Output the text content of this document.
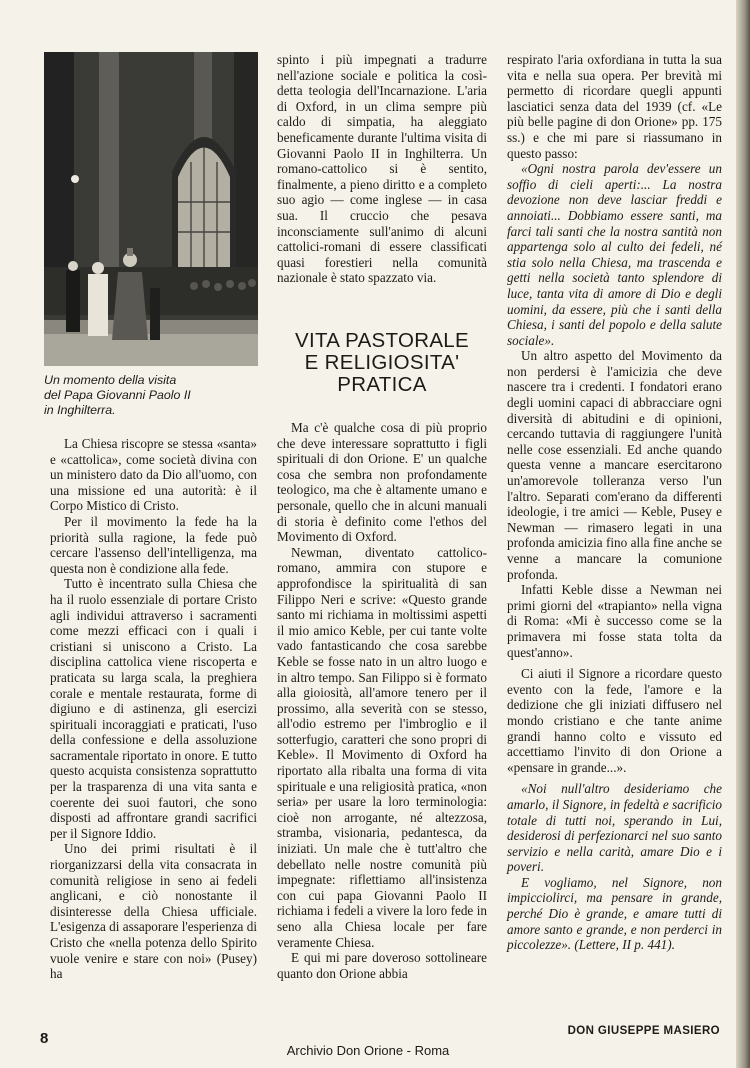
Un momento della visita
del Papa Giovanni Paolo II
in Inghilterra.

La Chiesa riscopre se stessa «santa» e «cattolica», come società divina con un ministero dato da Dio all'uomo, con una missione ed una autorità: è il Corpo Mistico di Cristo.

Per il movimento la fede ha la priorità sulla ragione, la fede può cercare l'assenso dell'intelligenza, ma questa non è condizione alla fede.

Tutto è incentrato sulla Chiesa che ha il ruolo essenziale di portare Cristo agli individui attraverso i sacramenti come mezzi efficaci con i quali i cristiani si uniscono a Cristo. La disciplina cattolica viene riscoperta e praticata su larga scala, la preghiera corale e mentale restaurata, forme di digiuno e di astinenza, gli esercizi spirituali incoraggiati e praticati, l'uso della confessione e della assoluzione sacramentale riportato in onore. E tutto questo acquista consistenza soprattutto per la trasparenza di una vita santa e coerente dei suoi fautori, che sono disposti ad affrontare grandi sacrifici per il Signore Iddio.

Uno dei primi risultati è il riorganizzarsi della vita consacrata in comunità religiose in seno ai fedeli anglicani, e ciò nonostante il disinteresse della Chiesa ufficiale. L'esigenza di assaporare l'esperienza di Cristo che «nella potenza dello Spirito vuole venire e stare con noi» (Pusey) ha

spinto i più impegnati a tradurre nell'azione sociale e politica la così-detta teologia dell'Incarnazione. L'aria di Oxford, in un clima sempre più caldo di simpatia, ha aleggiato beneficamente durante l'ultima visita di Giovanni Paolo II in Inghilterra. Un romano-cattolico si è sentito, finalmente, a pieno diritto e a completo suo agio — come inglese — in casa sua. Il cruccio che pesava inconsciamente sull'animo di alcuni cattolici-romani di essere classificati quasi forestieri nella comunità nazionale è stato spazzato via.

VITA PASTORALE
E RELIGIOSITA'
PRATICA

Ma c'è qualche cosa di più proprio che deve interessare soprattutto i figli spirituali di don Orione. E' un qualche cosa che sembra non profondamente teologico, ma che è altamente umano e personale, quello che in alcuni manuali di storia è definito come l'ethos del Movimento di Oxford.

Newman, diventato cattolico-romano, ammira con stupore e approfondisce la spiritualità di san Filippo Neri e scrive: «Questo grande santo mi richiama in moltissimi aspetti il mio amico Keble, per cui tante volte vado fantasticando che cosa sarebbe Keble se fosse nato in un altro luogo e in altro tempo. San Filippo si è formato alla gioiosità, all'amore tenero per il prossimo, alla severità con se stesso, all'odio estremo per l'imbroglio e il sotterfugio, caratteri che sono propri di Keble». Il Movimento di Oxford ha riportato alla ribalta una forma di vita spirituale e una religiosità pratica, «non seria» per usare la loro terminologia: cioè non arrogante, né altezzosa, stramba, visionaria, pedantesca, da iniziati. Un male che è tutt'altro che debellato nelle nostre comunità più impegnate: riflettiamo all'insistenza con cui papa Giovanni Paolo II richiama i fedeli a vivere la loro fede in seno alla Chiesa locale per fare veramente Chiesa.

E qui mi pare doveroso sottolineare quanto don Orione abbia

respirato l'aria oxfordiana in tutta la sua vita e nella sua opera. Per brevità mi permetto di ricordare quegli appunti lasciatici senza data del 1939 (cf. «Le più belle pagine di don Orione» pp. 175 ss.) e che mi pare si riassumano in questo passo:

«Ogni nostra parola dev'essere un soffio di cieli aperti:... La nostra devozione non deve lasciar freddi e annoiati... Dobbiamo essere santi, ma farci tali santi che la nostra santità non appartenga solo al culto dei fedeli, né stia solo nella Chiesa, ma trascenda e getti nella società tanto splendore di luce, tanta vita di amore di Dio e degli uomini, da essere, più che i santi della Chiesa, i santi del popolo e della salute sociale».

Un altro aspetto del Movimento da non perdersi è l'amicizia che deve nascere tra i credenti. I fondatori erano degli uomini capaci di abbracciare ogni diversità di abitudini e di opinioni, cercando tuttavia di raggiungere l'unità nelle cose essenziali. Ed anche quando questa venne a mancare esercitarono un'amorevole tolleranza verso l'un l'altro. Separati com'erano da differenti ideologie, i tre amici — Keble, Pusey e Newman — rimasero legati in una profonda amicizia fino alla fine anche se venne a mancare la comunione profonda.

Infatti Keble disse a Newman nei primi giorni del «trapianto» nella vigna di Roma: «Mi è successo come se la primavera mi fosse stata tolta da quest'anno».

Ci aiuti il Signore a ricordare questo evento con la fede, l'amore e la dedizione che gli iniziati diffusero nel mondo cristiano e che tante anime grandi hanno colto e vissuto ed accettiamo l'invito di don Orione a «pensare in grande...».

«Noi null'altro desideriamo che amarlo, il Signore, in fedeltà e sacrificio totale di tutti noi, sperando in Lui, desiderosi di perfezionarci nel suo santo servizio e nella carità, amare Dio e i poveri.

E vogliamo, nel Signore, non impicciolirci, ma pensare in grande, perché Dio è grande, e amare tutti di amore santo e grande, e non perderci in piccolezze». (Lettere, II p. 441).

DON GIUSEPPE MASIERO
8
Archivio Don Orione - Roma
